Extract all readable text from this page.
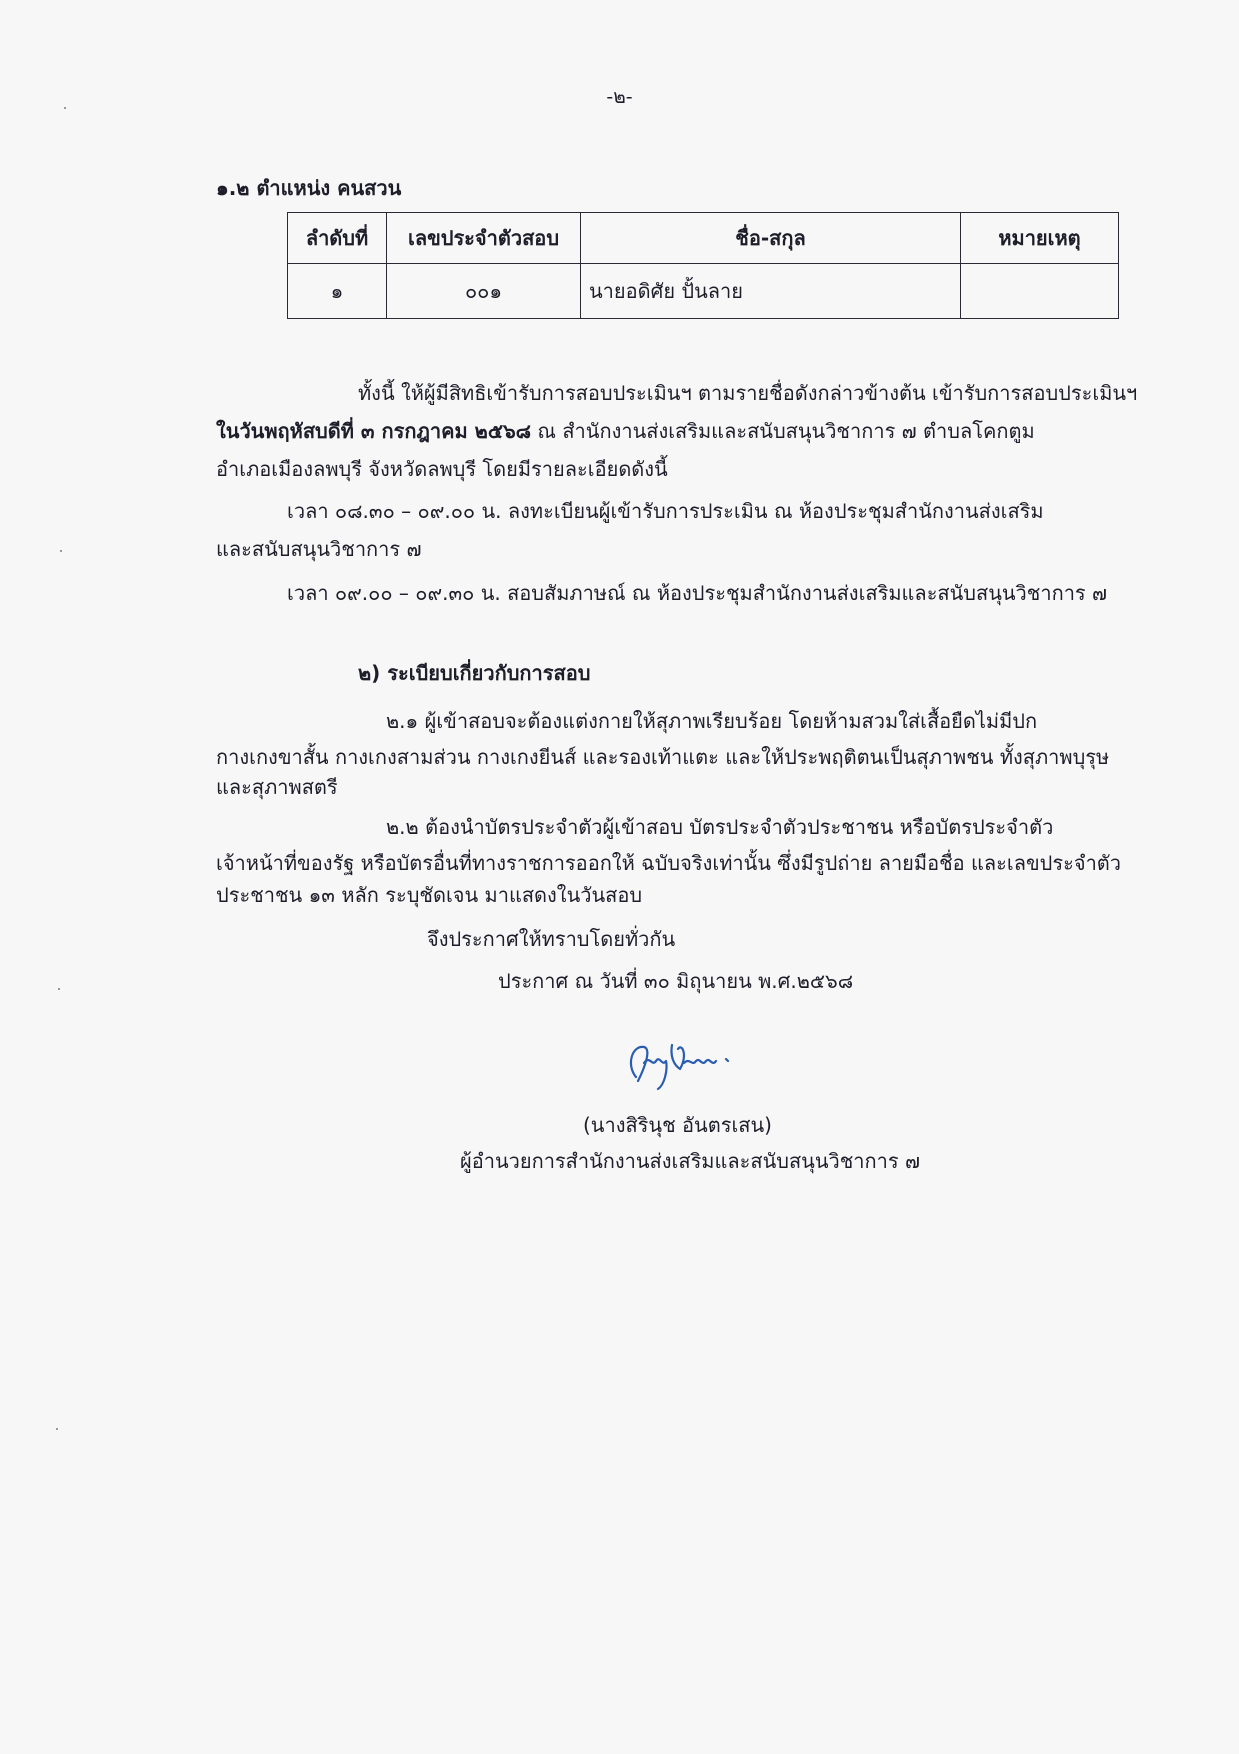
-๒-
๑.๒ ตำแหน่ง คนสวน
ลำดับที่	เลขประจำตัวสอบ	ชื่อ-สกุล	หมายเหตุ
๑	๐๐๑	นายอดิศัย ปั้นลาย	
ทั้งนี้ ให้ผู้มีสิทธิเข้ารับการสอบประเมินฯ ตามรายชื่อดังกล่าวข้างต้น เข้ารับการสอบประเมินฯ
ในวันพฤหัสบดีที่ ๓ กรกฎาคม ๒๕๖๘ ณ สำนักงานส่งเสริมและสนับสนุนวิชาการ ๗ ตำบลโคกตูม
อำเภอเมืองลพบุรี จังหวัดลพบุรี โดยมีรายละเอียดดังนี้
เวลา ๐๘.๓๐ – ๐๙.๐๐ น. ลงทะเบียนผู้เข้ารับการประเมิน ณ ห้องประชุมสำนักงานส่งเสริม
และสนับสนุนวิชาการ ๗
เวลา ๐๙.๐๐ – ๐๙.๓๐ น. สอบสัมภาษณ์ ณ ห้องประชุมสำนักงานส่งเสริมและสนับสนุนวิชาการ ๗
๒) ระเบียบเกี่ยวกับการสอบ
๒.๑ ผู้เข้าสอบจะต้องแต่งกายให้สุภาพเรียบร้อย โดยห้ามสวมใส่เสื้อยืดไม่มีปก
กางเกงขาสั้น กางเกงสามส่วน กางเกงยีนส์ และรองเท้าแตะ และให้ประพฤติตนเป็นสุภาพชน ทั้งสุภาพบุรุษ
และสุภาพสตรี
๒.๒ ต้องนำบัตรประจำตัวผู้เข้าสอบ บัตรประจำตัวประชาชน หรือบัตรประจำตัว
เจ้าหน้าที่ของรัฐ หรือบัตรอื่นที่ทางราชการออกให้ ฉบับจริงเท่านั้น ซึ่งมีรูปถ่าย ลายมือชื่อ และเลขประจำตัว
ประชาชน ๑๓ หลัก ระบุชัดเจน มาแสดงในวันสอบ
จึงประกาศให้ทราบโดยทั่วกัน
ประกาศ ณ วันที่ ๓๐ มิถุนายน พ.ศ.๒๕๖๘
(นางสิรินุช อันตรเสน)
ผู้อำนวยการสำนักงานส่งเสริมและสนับสนุนวิชาการ ๗
